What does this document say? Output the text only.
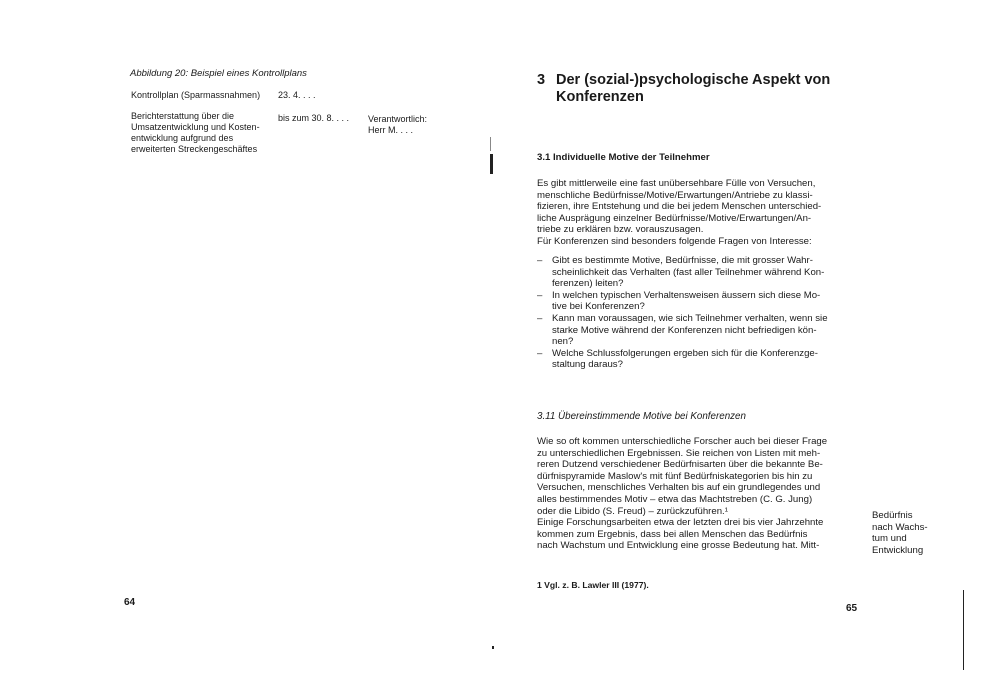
Abbildung 20: Beispiel eines Kontrollplans
Kontrollplan (Sparmassnahmen) 23. 4. . . .
Berichterstattung über die
Umsatzentwicklung und Kosten-
entwicklung aufgrund des
erweiterten Streckengeschäftes
bis zum 30. 8. . . . Verantwortlich:
Herr M. . . .
64
3 Der (sozial-)psychologische Aspekt von
Konferenzen
3.1 Individuelle Motive der Teilnehmer
Es gibt mittlerweile eine fast unübersehbare Fülle von Versuchen,
menschliche Bedürfnisse/Motive/Erwartungen/Antriebe zu klassi-
fizieren, ihre Entstehung und die bei jedem Menschen unterschied-
liche Ausprägung einzelner Bedürfnisse/Motive/Erwartungen/An-
triebe zu erklären bzw. vorauszusagen.
Für Konferenzen sind besonders folgende Fragen von Interesse:
– Gibt es bestimmte Motive, Bedürfnisse, die mit grosser Wahr-
scheinlichkeit das Verhalten (fast aller Teilnehmer während Kon-
ferenzen) leiten?
– In welchen typischen Verhaltensweisen äussern sich diese Mo-
tive bei Konferenzen?
– Kann man voraussagen, wie sich Teilnehmer verhalten, wenn sie
starke Motive während der Konferenzen nicht befriedigen kön-
nen?
– Welche Schlussfolgerungen ergeben sich für die Konferenzge-
staltung daraus?
3.11 Übereinstimmende Motive bei Konferenzen
Wie so oft kommen unterschiedliche Forscher auch bei dieser Frage
zu unterschiedlichen Ergebnissen. Sie reichen von Listen mit meh-
reren Dutzend verschiedener Bedürfnisarten über die bekannte Be-
dürfnispyramide Maslow's mit fünf Bedürfniskategorien bis hin zu
Versuchen, menschliches Verhalten bis auf ein grundlegendes und
alles bestimmendes Motiv – etwa das Machtstreben (C. G. Jung)
oder die Libido (S. Freud) – zurückzuführen.¹
Einige Forschungsarbeiten etwa der letzten drei bis vier Jahrzehnte
kommen zum Ergebnis, dass bei allen Menschen das Bedürfnis
nach Wachstum und Entwicklung eine grosse Bedeutung hat. Mitt-
Bedürfnis
nach Wachs-
tum und
Entwicklung
1 Vgl. z. B. Lawler III (1977).
65
